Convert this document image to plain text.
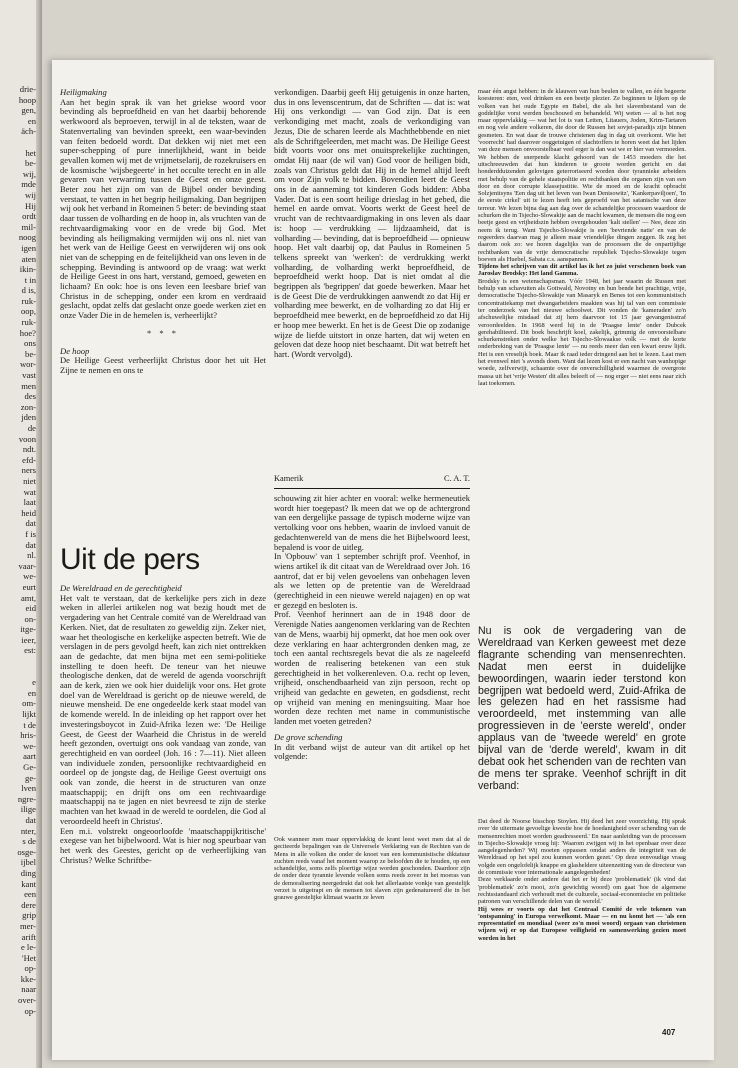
drie-
hoop
gen,
en
äch-

het
be-
wij,
mde
wij
Hij
ordt
mil-
noog
igen
aten
ikin-
t in
d is,
ruk-
oop,
ruk-
hoe?
ons
be-
wor-
vast
men
des
zon-
jden
de
voon
ndt.
efd-
ners
niet
wat
laat
heid
dat
f is
dat
nl.
vaar-
we-
eurt
amt,
eid
on-
itge-
ieer,
est:

e
en
om-
lijkt
t de
hris-
we-
aart
Ge-
ge-
lven
ngre-
ilige
dat
nter,
s de
osge-
ijbel
ding
kant
een
dere
grip
mer-
arift
e le-
'Het
op-
kke-
naar
over-
op-

Heiligmaking

Aan het begin sprak ik van het griekse woord voor bevinding als beproefdheid en van het daarbij behorende werkwoord als beproeven, terwijl in al de teksten, waar de Statenvertaling van bevinden spreekt, een waar-bevinden van feiten bedoeld wordt. Dat dekken wij niet met een super-schepping of pure innerlijkheid, want in beide gevallen komen wij met de vrijmetselarij, de rozekruisers en de kosmische 'wijsbegeerte' in het occulte terecht en in alle gevaren van verwarring tussen de Geest en onze geest. Beter zou het zijn om van de Bijbel onder bevinding verstaat, te vatten in het begrip heiligmaking. Dan begrijpen wij ook het verband in Romeinen 5 beter: de bevinding staat daar tussen de volharding en de hoop in, als vruchten van de rechtvaardigmaking voor en de vrede bij God. Met bevinding als heiligmaking vermijden wij ons nl. niet van het werk van de Heilige Geest en verwijderen wij ons ook niet van de schepping en de feitelijkheid van ons leven in de schepping. Bevinding is antwoord op de vraag: wat werkt de Heilige Geest in ons hart, verstand, gemoed, geweten en lichaam? En ook: hoe is ons leven een leesbare brief van Christus in de schepping, onder een krom en verdraaid geslacht, opdat zelfs dat geslacht onze goede werken ziet en onze Vader Die in de hemelen is, verheerlijkt?

* * *

De hoop

De Heilige Geest verheerlijkt Christus door het uit Het Zijne te nemen en ons te

verkondigen. Daarbij geeft Hij getuigenis in onze harten, dus in ons levenscentrum, dat de Schriften — dat is: wat Hij ons verkondigt — van God zijn. Dat is een verkondiging met macht, zoals de verkondiging van Jezus, Die de scharen leerde als Machthebbende en niet als de Schriftgeleerden, met macht was. De Heilige Geest bidt voorts voor ons met onuitsprekelijke zuchtingen, omdat Hij naar (de wil van) God voor de heiligen bidt, zoals van Christus geldt dat Hij in de hemel altijd leeft om voor Zijn volk te bidden. Bovendien leert de Geest ons in de aanneming tot kinderen Gods bidden: Abba Vader. Dat is een soort heilige drieslag in het gebed, die hemel en aarde omvat. Voorts werkt de Geest heel de vrucht van de rechtvaardigmaking in ons leven als daar is: hoop — verdrukking — lijdzaamheid, dat is volharding — bevinding, dat is beproefdheid — opnieuw hoop. Het valt daarbij op, dat Paulus in Romeinen 5 telkens spreekt van 'werken': de verdrukking werkt volharding, de volharding werkt beproefdheid, de beproefdheid werkt hoop. Dat is niet omdat al die begrippen als 'begrippen' dat goede bewerken. Maar het is de Geest Die de verdrukkingen aanwendt zo dat Hij er volharding mee bewerkt, en de volharding zo dat Hij er beproefdheid mee bewerkt, en de beproefdheid zo dat Hij er hoop mee bewerkt. En het is de Geest Die op zodanige wijze de liefde uitstort in onze harten, dat wij weten en geloven dat deze hoop niet beschaamt. Dit wat betreft het hart. (Wordt vervolgd).

Kamerik	C. A. T.
Uit de pers

De Wereldraad en de gerechtigheid

Het valt te verstaan, dat de kerkelijke pers zich in deze weken in allerlei artikelen nog wat bezig houdt met de vergadering van het Centrale comité van de Wereldraad van Kerken. Niet, dat de resultaten zo geweldig zijn. Zeker niet, waar het theologische en kerkelijke aspecten betreft. Wie de verslagen in de pers gevolgd heeft, kan zich niet onttrekken aan de gedachte, dat men bijna met een semi-politieke instelling te doen heeft. De teneur van het nieuwe theologische denken, dat de wereld de agenda voorschrijft aan de kerk, zien we ook hier duidelijk voor ons. Het grote doel van de Wereldraad is gericht op de nieuwe wereld, de nieuwe mensheid. De ene ongedeelde kerk staat model van de komende wereld. In de inleiding op het rapport over het investeringsboycot in Zuid-Afrika lezen we: 'De Heilige Geest, de Geest der Waarheid die Christus in de wereld heeft gezonden, overtuigt ons ook vandaag van zonde, van gerechtigheid en van oordeel (Joh. 16 : 7—11). Niet alleen van individuele zonden, persoonlijke rechtvaardigheid en oordeel op de jongste dag, de Heilige Geest overtuigt ons ook van zonde, die heerst in de structuren van onze maatschappij; en drijft ons om een rechtvaardige maatschappij na te jagen en niet bevreesd te zijn de sterke machten van het kwaad in de wereld te oordelen, die God al veroordeeld heeft in Christus'.

Een m.i. volstrekt ongeoorloofde 'maatschappijkritische' exegese van het bijbelwoord. Wat is hier nog speurbaar van het werk des Geestes, gericht op de verheerlijking van Christus? Welke Schriftbe-

schouwing zit hier achter en vooral: welke hermeneutiek wordt hier toegepast? Ik meen dat we op de achtergrond van een dergelijke passage de typisch moderne wijze van vertolking voor ons hebben, waarin de invloed vanuit de gedachtenwereld van de mens die het Bijbelwoord leest, bepalend is voor de uitleg.

In 'Opbouw' van 1 september schrijft prof. Veenhof, in wiens artikel ik dit citaat van de Wereldraad over Joh. 16 aantrof, dat er bij velen gevoelens van onbehagen leven als we letten op de pretentie van de Wereldraad (gerechtigheid in een nieuwe wereld najagen) en op wat er gezegd en besloten is.

Prof. Veenhof herinnert aan de in 1948 door de Verenigde Naties aangenomen verklaring van de Rechten van de Mens, waarbij hij opmerkt, dat hoe men ook over deze verklaring en haar achtergronden denken mag, ze toch een aantal rechtsregels bevat die als ze nageleefd worden de realisering betekenen van een stuk gerechtigheid in het volkerenleven. O.a. recht op leven, vrijheid, onschendbaarheid van zijn persoon, recht op vrijheid van gedachte en geweten, en godsdienst, recht op vrijheid van mening en meningsuiting. Maar hoe worden deze rechten met name in communistische landen met voeten getreden?

De grove schending

In dit verband wijst de auteur van dit artikel op het volgende:

Ook wanneer men maar oppervlakkig de krant leest weet men dat al de geciteerde bepalingen van de Universele Verklaring van de Rechten van de Mens in alle volken die onder de knoet van een kommunistische diktatuur zuchten reeds vanaf het moment waarop ze beloofden die te houden, op een schandelijke, soms zelfs ploertige wijze worden geschonden. Daardoor zijn de onder deze tyrannie levende volken soms reeds zover in het moeras van de demoralisering neergedrukt dat ook het allerlaatste vonkje van geestelijk verzet is uitgetrapt en de mensen tot slaven zijn gedenatureerd die in het grauwe geestelijke klimaat waarin ze leven

maar één angst hebben: in de klauwen van hun beulen te vallen, en één begeerte koesteren: eten, veel drinken en een beetje plezier. Ze beginnen te lijken op de volken van het oude Egypte en Babel, die als het slavenbestand van de goddelijke vorst werden beschouwd en behandeld. Wij weten — al is het nog maar oppervlakkig — wat het lot is van Letten, Litauers, Joden, Krim-Tartaren en nog vele andere volkeren, die door de Russen het sovjet-paradijs zijn binnen gesmeten. En wat daar de trouwe christenen dag in dag uit overkomt. Wie het 'voorrecht' had daarover ooggetuigen of slachtoffers te horen weet dat het lijden van deze mensen onvoorstelbaar veel erger is dan wat we er hier van vermoeden. We hebben de snerpende klacht gehoord van de 1453 moeders die het uitschreeuwden dat hun kinderen te groote worden gericht en dat honderdduizenden gelovigen geterroriseerd worden door tyrannieke arbeiders met behulp van de gehele staatspolitie en rechtbanken die organen zijn van een door en door corrupte klassejustitie. Wie de moed en de kracht opbracht Solzjenitsyns 'Een dag uit het leven van Iwan Denisowitz', 'Kankerpaviljoen', 'In de eerste cirkel' uit te lezen heeft iets geproefd van het satanische van deze terreur. We lezen bijna dag aan dag over de schandelijke processen waardoor de schurken die in Tsjecho-Slowakije aan de macht kwamen, de mensen die nog een beetje geest en vrijheidszin hebben overgehouden 'kalt stellen' — Nee, deze zin neem ik terug. Want Tsjecho-Slowakije is een 'bevriende natie' en van de regeerders daarvan mag je alleen maar vriendelijke dingen zeggen. Ik zeg het daarom ook zo: we horen dagelijks van de processen die de onpartijdige rechtbanken van de vrije democratische republiek Tsjecho-Slowakije tegen boeven als Huebel, Sabata c.s. aanspannen.

Tijdens het schrijven van dit artikel las ik het zo juist verschenen boek van Jaroslav Brodsky: Het land Gamma.

Brodsky is een wetenschapsman. Vóór 1948, het jaar waarin de Russen met behulp van schavuiten als Gottwald, Novotny en hun bende het prachtige, vrije, democratische Tsjecho-Slowakije van Masaryk en Benes tot een kommunistisch concentratiekamp met dwangarbeiders maakten was hij tal van een commissie ter onderzoek van het nieuwe schoolwet. Dit vonden de 'kameraden' zo'n afschuwelijke misdaad dat zij hem daarvoor tot 15 jaar gevangenisstraf veroordeelden. In 1968 werd hij in de 'Praagse lente' onder Dubcek gerehabiliteerd. Dit boek beschrijft koel, zakelijk, grimmig de onvoorstelbare schurkenstreken onder welke het Tsjecho-Slowaakse volk — met de korte onderbreking van de 'Praagse lente' — nu reeds meer dan een kwart eeuw lijdt. Het is een vreselijk boek. Maar ik raad ieder dringend aan het te lezen. Laat men het evenwel niet 's avonds doen. Want dat lezen kost er een nacht van wanhopige woede, zelfverwijt, schaamte over de onverschilligheid waarmee de overgrote massa uit het 'vrije Westen' dit alles beleeft of — nog erger — niet eens naar zich laat toekomen.

Nu is ook de vergadering van de Wereldraad van Kerken geweest met deze flagrante schending van mensenrechten. Nadat men eerst in duidelijke bewoordingen, waarin ieder terstond kon begrijpen wat bedoeld werd, Zuid-Afrika de les gelezen had en het rassisme had veroordeeld, met instemming van alle progressieven in de 'eerste wereld', onder applaus van de 'tweede wereld' en grote bijval van de 'derde wereld', kwam in dit debat ook het schenden van de rechten van de mens ter sprake. Veenhof schrijft in dit verband:

Dat deed de Noorse bisschop Stoylen. Hij deed het zeer voorzichtig. Hij sprak over 'de uitermate gevoelige kwestie hoe de hoedanigheid over schending van de mensenrechten moet worden geadresseerd.' En naar aanleiding van de processen in Tsjecho-Slowakije vroeg hij: 'Waarom zwijgen wij in het openbaar over deze aangelegenheden? Wij moeten oppassen omdat anders de integriteit van de Wereldraad op het spel zou kunnen worden gezet.' Op deze eenvoudige vraag volgde een ongelofelijk knappe en glasheldere uiteenzetting van de directeur van de commissie voor internationale aangelegenheden!

Deze verklaarde onder andere dat het er bij deze 'problematiek' (ik vind dat 'problematiek' zo'n mooi, zo'n gewichtig woord) om gaat 'hoe de algemene rechtsstandaard zich verhoudt met de culturele, sociaal-economische en politieke patronen van verschillende delen van de wereld.'

Hij wees er voorts op dat het Centraal Comité de vele tekenen van 'ontspanning' in Europa verwelkomt. Maar — en nu komt het — 'als een representatief en mondiaal (weer zo'n mooi woord) orgaan van christenen wijzen wij er op dat Europese veiligheid en samenwerking gezien moet worden in het

407
